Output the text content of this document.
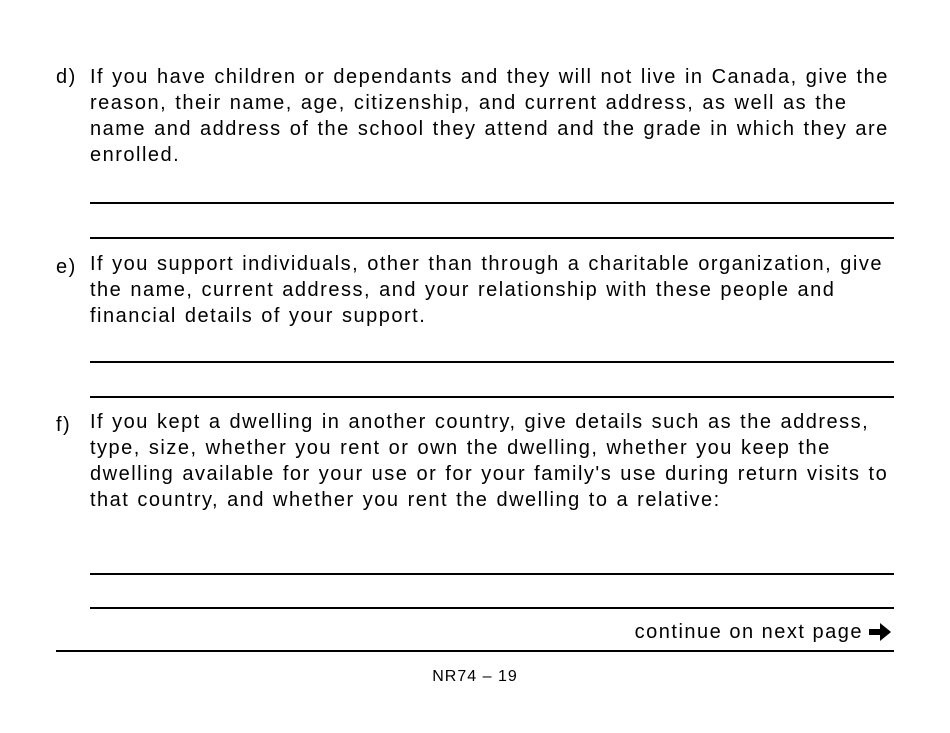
d) If you have children or dependants and they will not live in Canada, give the reason, their name, age, citizenship, and current address, as well as the name and address of the school they attend and the grade in which they are enrolled.

e) If you support individuals, other than through a charitable organization, give the name, current address, and your relationship with these people and financial details of your support.

f) If you kept a dwelling in another country, give details such as the address, type, size, whether you rent or own the dwelling, whether you keep the dwelling available for your use or for your family's use during return visits to that country, and whether you rent the dwelling to a relative:

continue on next page
NR74 – 19
